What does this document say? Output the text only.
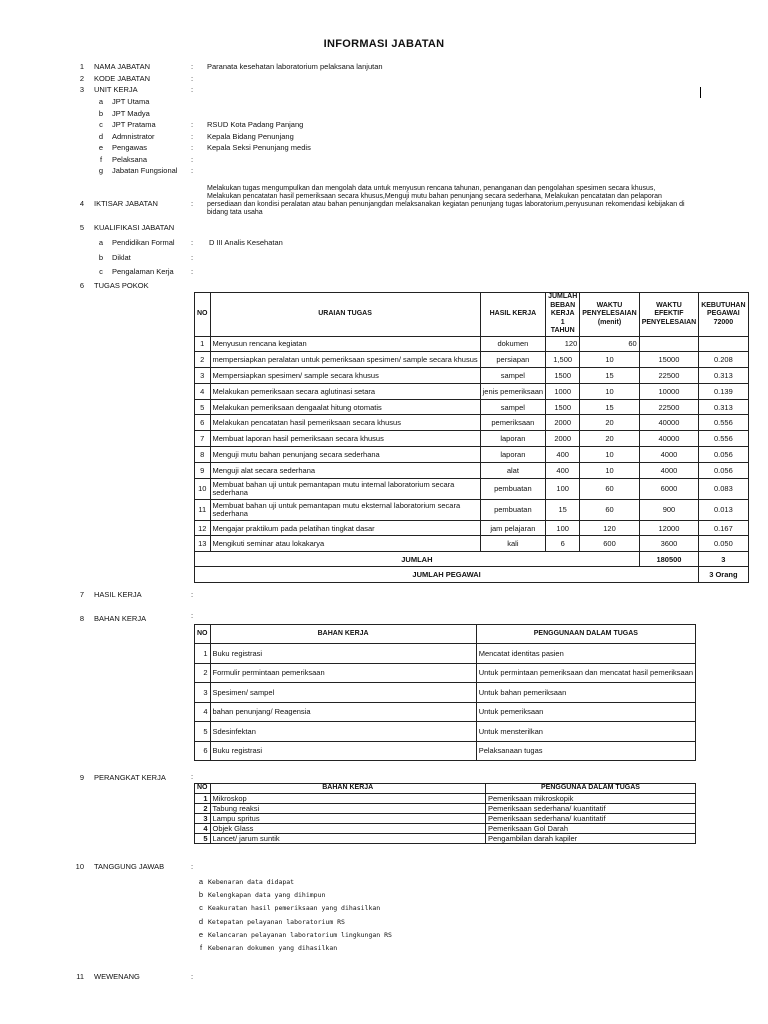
INFORMASI JABATAN
1 NAMA JABATAN	: Paranata kesehatan laboratorium pelaksana lanjutan
2 KODE JABATAN	:
3 UNIT KERJA	:
a	JPT Utama
b	JPT Madya
c	JPT Pratama	: RSUD Kota Padang Panjang
d	Admnistrator	: Kepala Bidang Penunjang
e	Pengawas	: Kepala Seksi Penunjang medis
f	Pelaksana	:
g	Jabatan Fungsional :
4 IKTISAR JABATAN	:
Melakukan tugas mengumpulkan dan mengolah data untuk menyusun rencana tahunan, penanganan dan pengolahan spesimen secara khusus,
Melakukan pencatatan hasil pemeriksaan secara khusus,Menguji mutu bahan penunjang secara sederhana, Melakukan pencatatan dan pelaporan
persediaan dan kondisi peralatan atau bahan penunjangdan melaksanakan kegiatan penunjang tugas laboratorium,penyusunan rekomendasi kebijakan di
bidang tata usaha
5 KUALIFIKASI JABATAN
a	Pendidikan Formal : D III Analis Kesehatan
b	Diklat	:
c	Pengalaman Kerja :
6 TUGAS POKOK
NO	URAIAN TUGAS	HASIL KERJA	JUMLAH BEBAN KERJA 1 TAHUN	WAKTU PENYELESAIAN (menit)	WAKTU EFEKTIF PENYELESAIAN	KEBUTUHAN PEGAWAI 72000
1	Menyusun rencana kegiatan	dokumen	120	60		
2	mempersiapkan peralatan untuk pemeriksaan spesimen/ sample secara khusus	persiapan	1,500	10	15000	0.208
3	Mempersiapkan spesimen/ sample secara khusus	sampel	1500	15	22500	0.313
4	Melakukan pemeriksaan secara aglutinasi setara	jenis pemeriksaan	1000	10	10000	0.139
5	Melakukan pemeriksaan dengaalat hitung otomatis	sampel	1500	15	22500	0.313
6	Melakukan pencatatan hasil pemeriksaan secara khusus	pemeriksaan	2000	20	40000	0.556
7	Membuat laporan hasil pemeriksaan secara khusus	laporan	2000	20	40000	0.556
8	Menguji mutu bahan penunjang secara sederhana	laporan	400	10	4000	0.056
9	Menguji alat secara sederhana	alat	400	10	4000	0.056
10	Membuat bahan uji untuk pemantapan mutu internal laboratorium secara sederhana	pembuatan	100	60	6000	0.083
11	Membuat bahan uji untuk pemantapan mutu eksternal laboratorium secara sederhana	pembuatan	15	60	900	0.013
12	Mengajar praktikum pada pelatihan tingkat dasar	jam pelajaran	100	120	12000	0.167
13	Mengikuti seminar atau lokakarya	kali	6	600	3600	0.050
JUMLAH					180500	3
JUMLAH PEGAWAI						3 Orang
7 HASIL KERJA	:
8 BAHAN KERJA	:
NO	BAHAN KERJA	PENGGUNAAN DALAM TUGAS
1	Buku registrasi	Mencatat identitas pasien
2	Formulir permintaan pemeriksaan	Untuk permintaan pemeriksaan dan mencatat hasil pemeriksaan
3	Spesimen/ sampel	Untuk bahan pemeriksaan
4	bahan penunjang/ Reagensia	Untuk pemeriksaan
5	Sdesinfektan	Untuk mensterilkan
6	Buku registrasi	Pelaksanaan tugas
9 PERANGKAT KERJA	:
NO	BAHAN KERJA	PENGGUNAA DALAM TUGAS
1	Mikroskop	Pemeriksaan mikroskopik
2	Tabung reaksi	Pemeriksaan sederhana/ kuantitatif
3	Lampu spritus	Pemeriksaan sederhana/ kuantitatif
4	Objek Glass	Pemeriksaan Gol Darah
5	Lancet/ jarum suntik	Pengambilan darah kapiler
10 TANGGUNG JAWAB	:
a Kebenaran data didapat
b Kelengkapan data yang dihimpun
c Keakuratan hasil pemeriksaan yang dihasilkan
d Ketepatan pelayanan laboratorium RS
e Kelancaran pelayanan laboratorium lingkungan RS
f Kebenaran dokumen yang dihasilkan
11 WEWENANG	:
